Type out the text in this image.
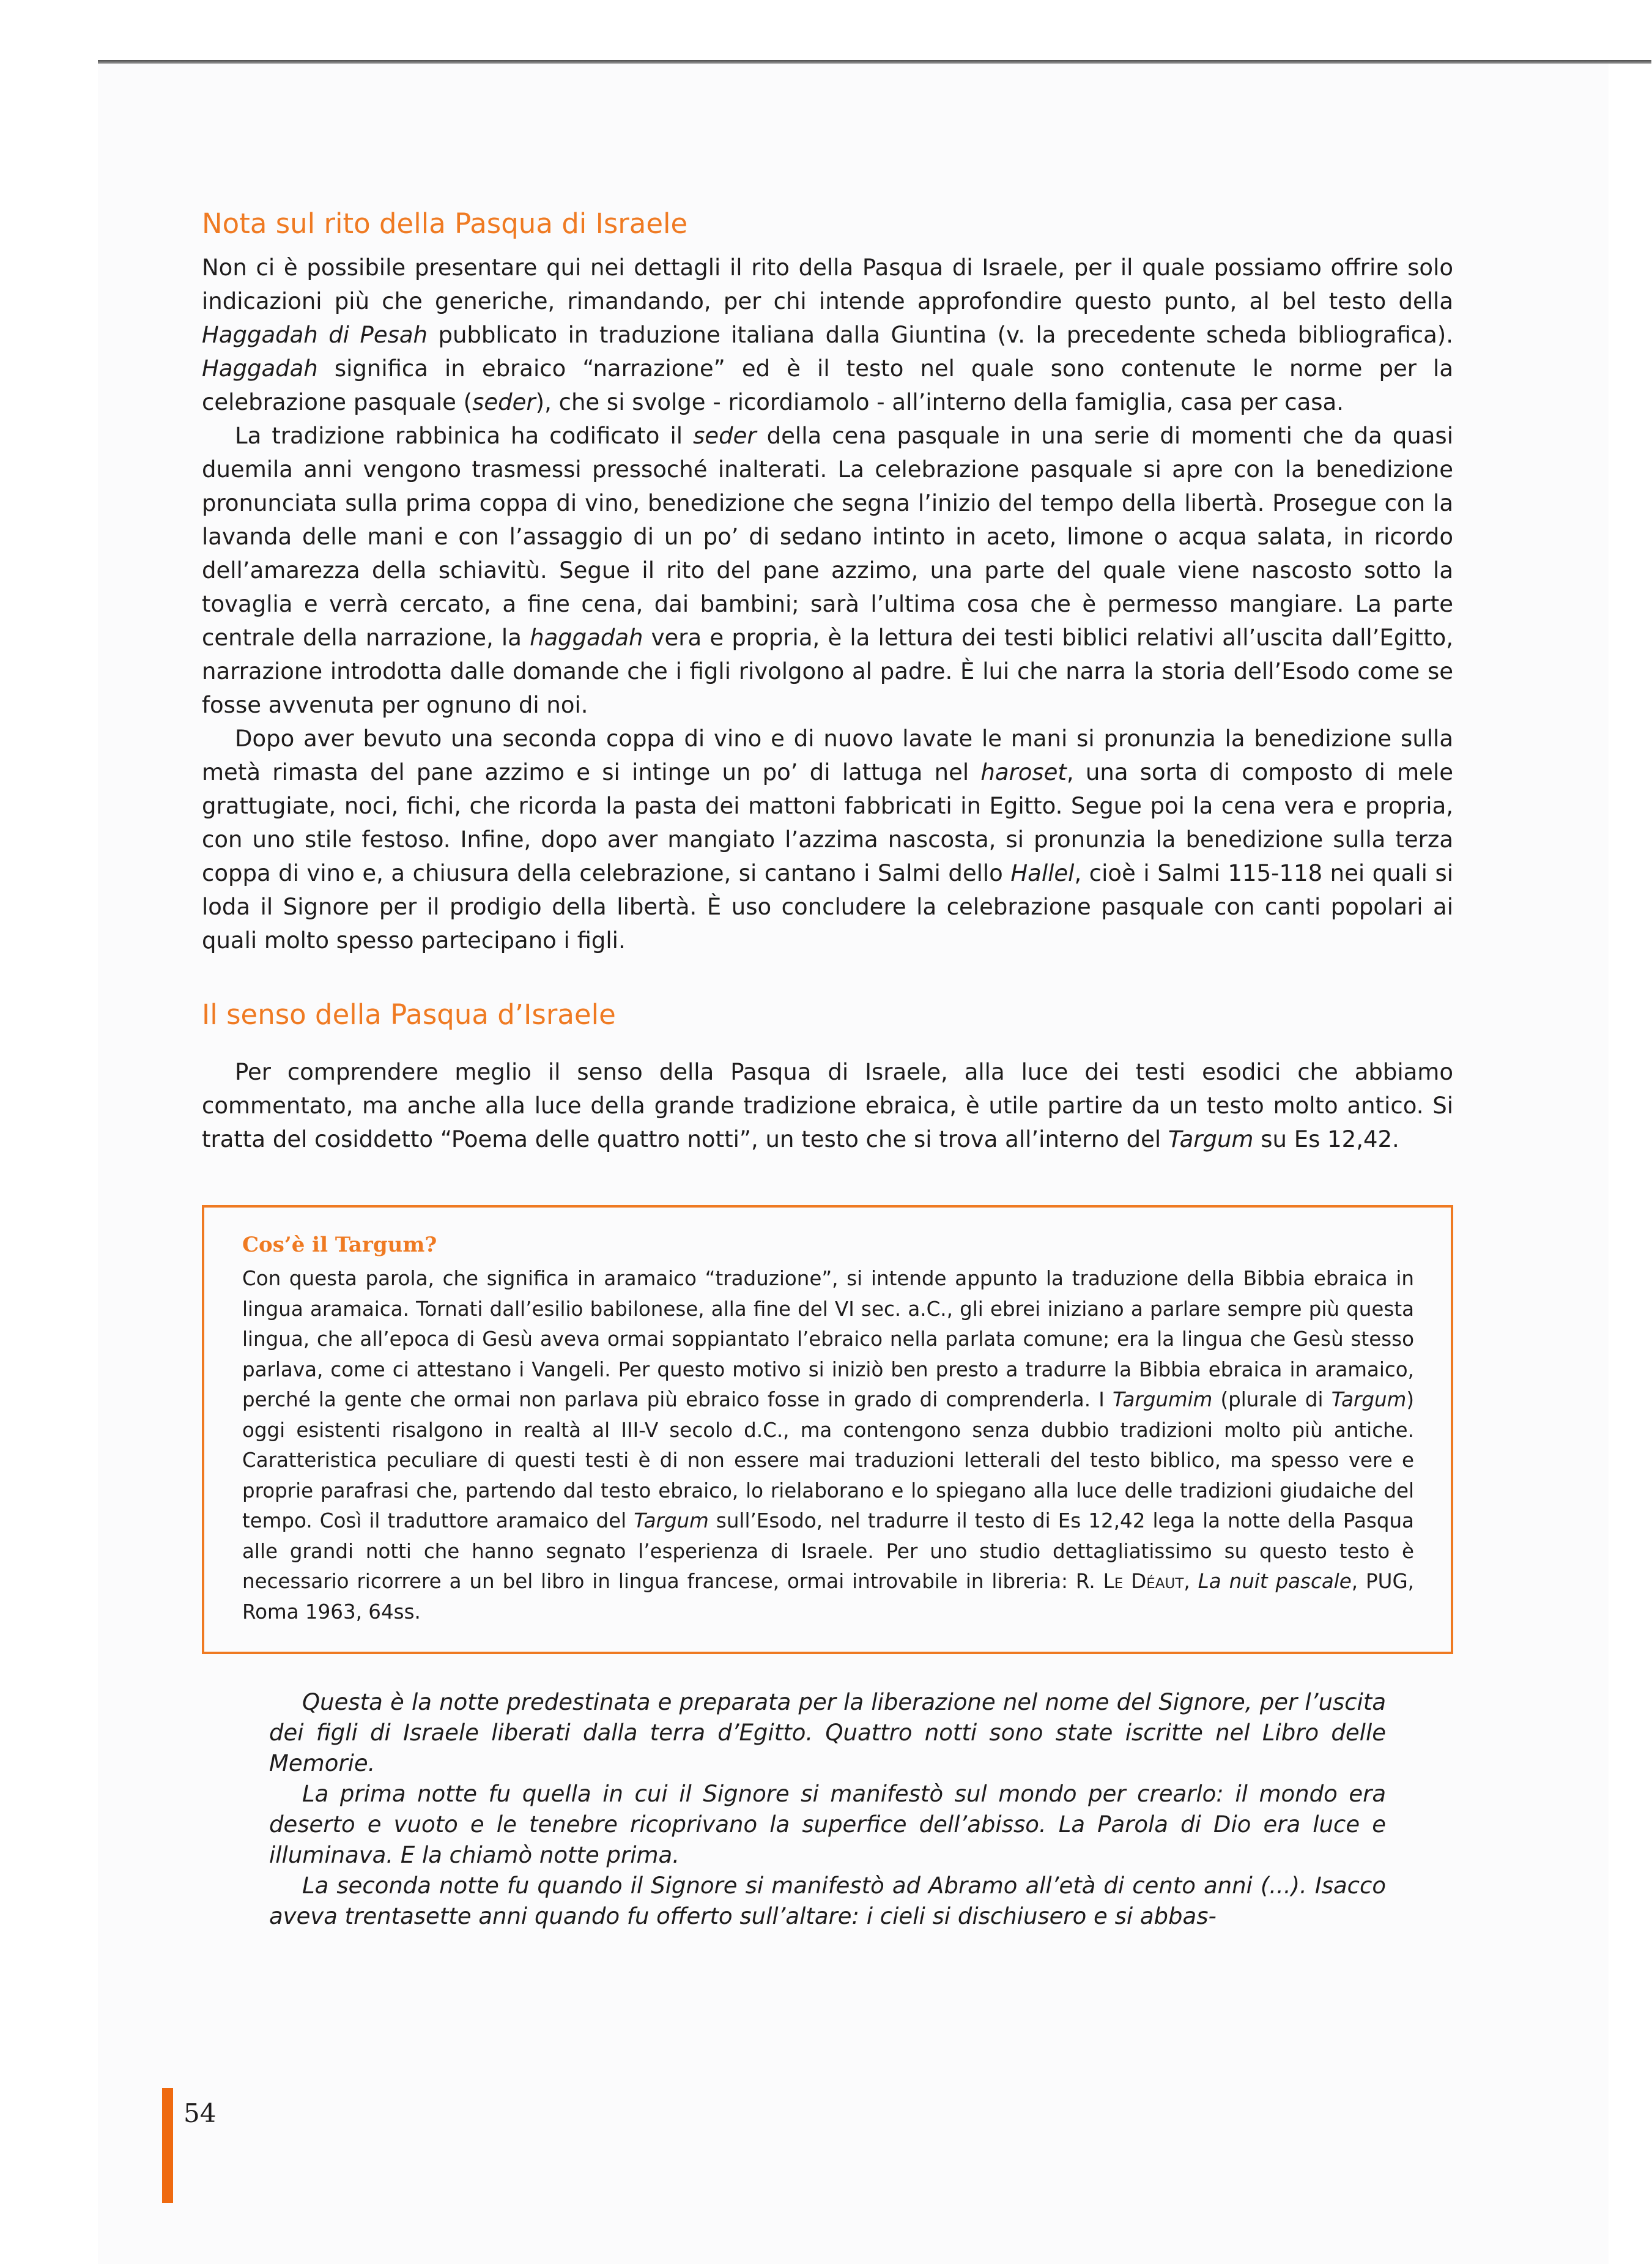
Nota sul rito della Pasqua di Israele

Non ci è possibile presentare qui nei dettagli il rito della Pasqua di Israele, per il quale possiamo offrire solo indicazioni più che generiche, rimandando, per chi intende approfondire questo punto, al bel testo della Haggadah di Pesah pubblicato in traduzione italiana dalla Giuntina (v. la precedente scheda bibliografica). Haggadah significa in ebraico “narrazione” ed è il testo nel quale sono contenute le norme per la celebrazione pasquale (seder), che si svolge - ricordiamolo - all’interno della famiglia, casa per casa.

La tradizione rabbinica ha codificato il seder della cena pasquale in una serie di momenti che da quasi duemila anni vengono trasmessi pressoché inalterati. La celebrazione pasquale si apre con la benedizione pronunciata sulla prima coppa di vino, benedizione che segna l’inizio del tempo della libertà. Prosegue con la lavanda delle mani e con l’assaggio di un po’ di sedano intinto in aceto, limone o acqua salata, in ricordo dell’amarezza della schiavitù. Segue il rito del pane azzimo, una parte del quale viene nascosto sotto la tovaglia e verrà cercato, a fine cena, dai bambini; sarà l’ultima cosa che è permesso mangiare. La parte centrale della narrazione, la haggadah vera e propria, è la lettura dei testi biblici relativi all’uscita dall’Egitto, narrazione introdotta dalle domande che i figli rivolgono al padre. È lui che narra la storia dell’Esodo come se fosse avvenuta per ognuno di noi.

Dopo aver bevuto una seconda coppa di vino e di nuovo lavate le mani si pronunzia la benedizione sulla metà rimasta del pane azzimo e si intinge un po’ di lattuga nel haroset, una sorta di composto di mele grattugiate, noci, fichi, che ricorda la pasta dei mattoni fabbricati in Egitto. Segue poi la cena vera e propria, con uno stile festoso. Infine, dopo aver mangiato l’azzima nascosta, si pronunzia la benedizione sulla terza coppa di vino e, a chiusura della celebrazione, si cantano i Salmi dello Hallel, cioè i Salmi 115-118 nei quali si loda il Signore per il prodigio della libertà. È uso concludere la celebrazione pasquale con canti popolari ai quali molto spesso partecipano i figli.

Il senso della Pasqua d’Israele

Per comprendere meglio il senso della Pasqua di Israele, alla luce dei testi esodici che abbiamo commentato, ma anche alla luce della grande tradizione ebraica, è utile partire da un testo molto antico. Si tratta del cosiddetto “Poema delle quattro notti”, un testo che si trova all’interno del Targum su Es 12,42.

Cos’è il Targum?

Con questa parola, che significa in aramaico “traduzione”, si intende appunto la traduzione della Bibbia ebraica in lingua aramaica. Tornati dall’esilio babilonese, alla fine del VI sec. a.C., gli ebrei iniziano a parlare sempre più questa lingua, che all’epoca di Gesù aveva ormai soppiantato l’ebraico nella parlata comune; era la lingua che Gesù stesso parlava, come ci attestano i Vangeli. Per questo motivo si iniziò ben presto a tradurre la Bibbia ebraica in aramaico, perché la gente che ormai non parlava più ebraico fosse in grado di comprenderla. I Targumim (plurale di Targum) oggi esistenti risalgono in realtà al III-V secolo d.C., ma contengono senza dubbio tradizioni molto più antiche. Caratteristica peculiare di questi testi è di non essere mai traduzioni letterali del testo biblico, ma spesso vere e proprie parafrasi che, partendo dal testo ebraico, lo rielaborano e lo spiegano alla luce delle tradizioni giudaiche del tempo. Così il traduttore aramaico del Targum sull’Esodo, nel tradurre il testo di Es 12,42 lega la notte della Pasqua alle grandi notti che hanno segnato l’esperienza di Israele. Per uno studio dettagliatissimo su questo testo è necessario ricorrere a un bel libro in lingua francese, ormai introvabile in libreria: R. Le Déaut, La nuit pascale, PUG, Roma 1963, 64ss.

Questa è la notte predestinata e preparata per la liberazione nel nome del Signore, per l’uscita dei figli di Israele liberati dalla terra d’Egitto. Quattro notti sono state iscritte nel Libro delle Memorie.

La prima notte fu quella in cui il Signore si manifestò sul mondo per crearlo: il mondo era deserto e vuoto e le tenebre ricoprivano la superfice dell’abisso. La Parola di Dio era luce e illuminava. E la chiamò notte prima.

La seconda notte fu quando il Signore si manifestò ad Abramo all’età di cento anni (...). Isacco aveva trentasette anni quando fu offerto sull’altare: i cieli si dischiusero e si abbas-

54
